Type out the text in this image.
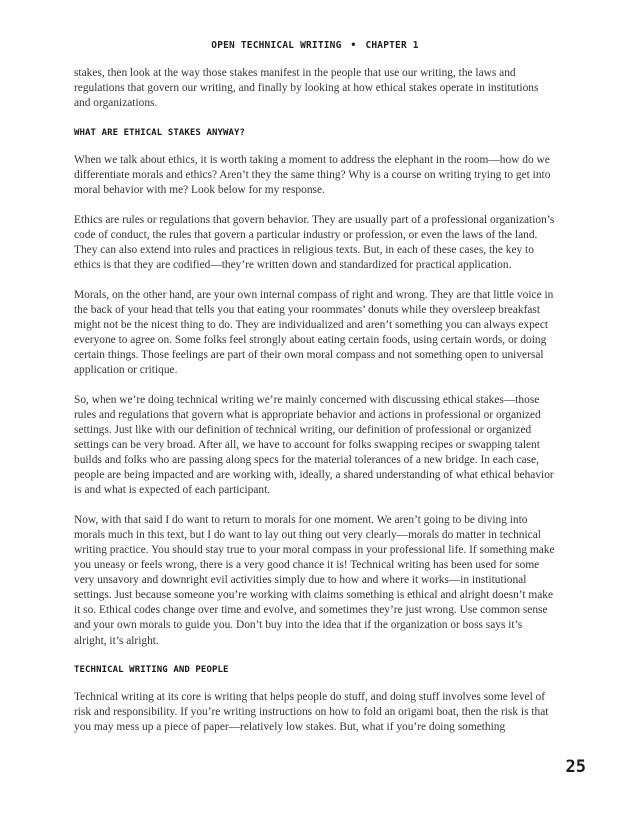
OPEN TECHNICAL WRITING • CHAPTER 1

stakes, then look at the way those stakes manifest in the people that use our writing, the laws and regulations that govern our writing, and finally by looking at how ethical stakes operate in institutions and organizations.

WHAT ARE ETHICAL STAKES ANYWAY?

When we talk about ethics, it is worth taking a moment to address the elephant in the room—how do we differentiate morals and ethics? Aren’t they the same thing? Why is a course on writing trying to get into moral behavior with me? Look below for my response.

Ethics are rules or regulations that govern behavior. They are usually part of a professional organization’s code of conduct, the rules that govern a particular industry or profession, or even the laws of the land. They can also extend into rules and practices in religious texts. But, in each of these cases, the key to ethics is that they are codified—they’re written down and standardized for practical application.

Morals, on the other hand, are your own internal compass of right and wrong. They are that little voice in the back of your head that tells you that eating your roommates’ donuts while they oversleep breakfast might not be the nicest thing to do. They are individualized and aren’t something you can always expect everyone to agree on. Some folks feel strongly about eating certain foods, using certain words, or doing certain things. Those feelings are part of their own moral compass and not something open to universal application or critique.

So, when we’re doing technical writing we’re mainly concerned with discussing ethical stakes—those rules and regulations that govern what is appropriate behavior and actions in professional or organized settings. Just like with our definition of technical writing, our definition of professional or organized settings can be very broad. After all, we have to account for folks swapping recipes or swapping talent builds and folks who are passing along specs for the material tolerances of a new bridge. In each case, people are being impacted and are working with, ideally, a shared understanding of what ethical behavior is and what is expected of each participant.

Now, with that said I do want to return to morals for one moment. We aren’t going to be diving into morals much in this text, but I do want to lay out thing out very clearly—morals do matter in technical writing practice. You should stay true to your moral compass in your professional life. If something make you uneasy or feels wrong, there is a very good chance it is! Technical writing has been used for some very unsavory and downright evil activities simply due to how and where it works—in institutional settings. Just because someone you’re working with claims something is ethical and alright doesn’t make it so. Ethical codes change over time and evolve, and sometimes they’re just wrong. Use common sense and your own morals to guide you. Don’t buy into the idea that if the organization or boss says it’s alright, it’s alright.

TECHNICAL WRITING AND PEOPLE

Technical writing at its core is writing that helps people do stuff, and doing stuff involves some level of risk and responsibility. If you’re writing instructions on how to fold an origami boat, then the risk is that you may mess up a piece of paper—relatively low stakes. But, what if you’re doing something

25
